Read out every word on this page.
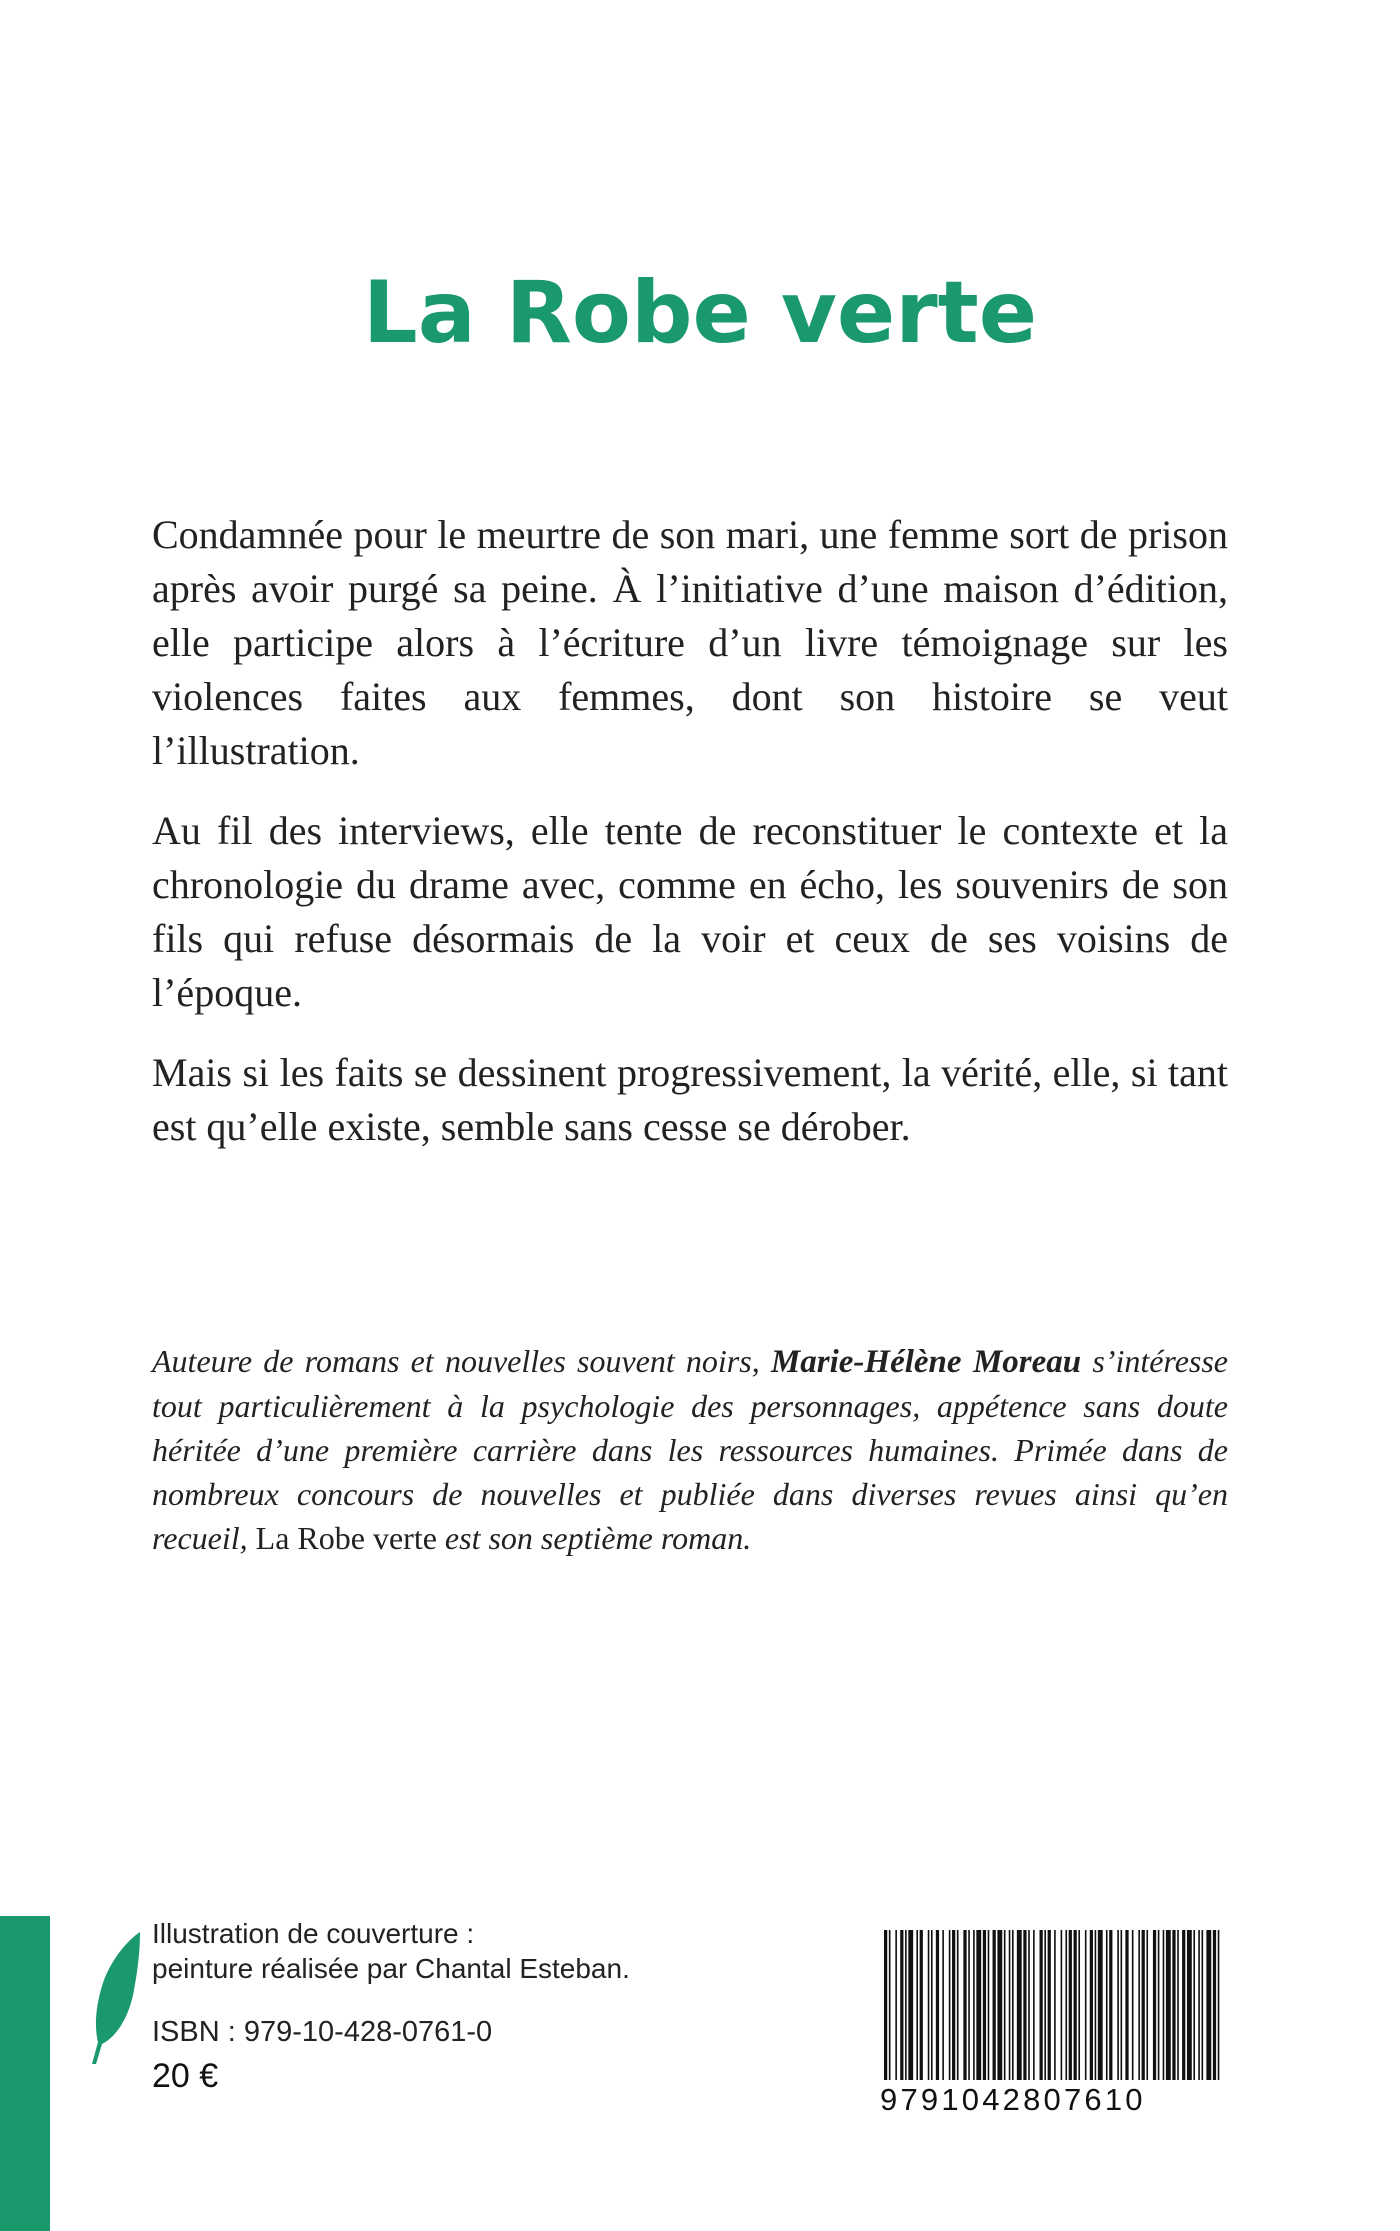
La Robe verte

Condamnée pour le meurtre de son mari, une femme sort de prison après avoir purgé sa peine. À l’initiative d’une maison d’édition, elle participe alors à l’écriture d’un livre témoignage sur les violences faites aux femmes, dont son histoire se veut l’illustration.

Au fil des interviews, elle tente de reconstituer le contexte et la chronologie du drame avec, comme en écho, les souvenirs de son fils qui refuse désormais de la voir et ceux de ses voisins de l’époque.

Mais si les faits se dessinent progressivement, la vérité, elle, si tant est qu’elle existe, semble sans cesse se dérober.

Auteure de romans et nouvelles souvent noirs, Marie-Hélène Moreau s’intéresse tout particulièrement à la psychologie des personnages, appétence sans doute héritée d’une première carrière dans les ressources humaines. Primée dans de nombreux concours de nouvelles et publiée dans diverses revues ainsi qu’en recueil, La Robe verte est son septième roman.
Illustration de couverture :
peinture réalisée par Chantal Esteban.
ISBN : 979-10-428-0761-0
20 €
9791042807610
